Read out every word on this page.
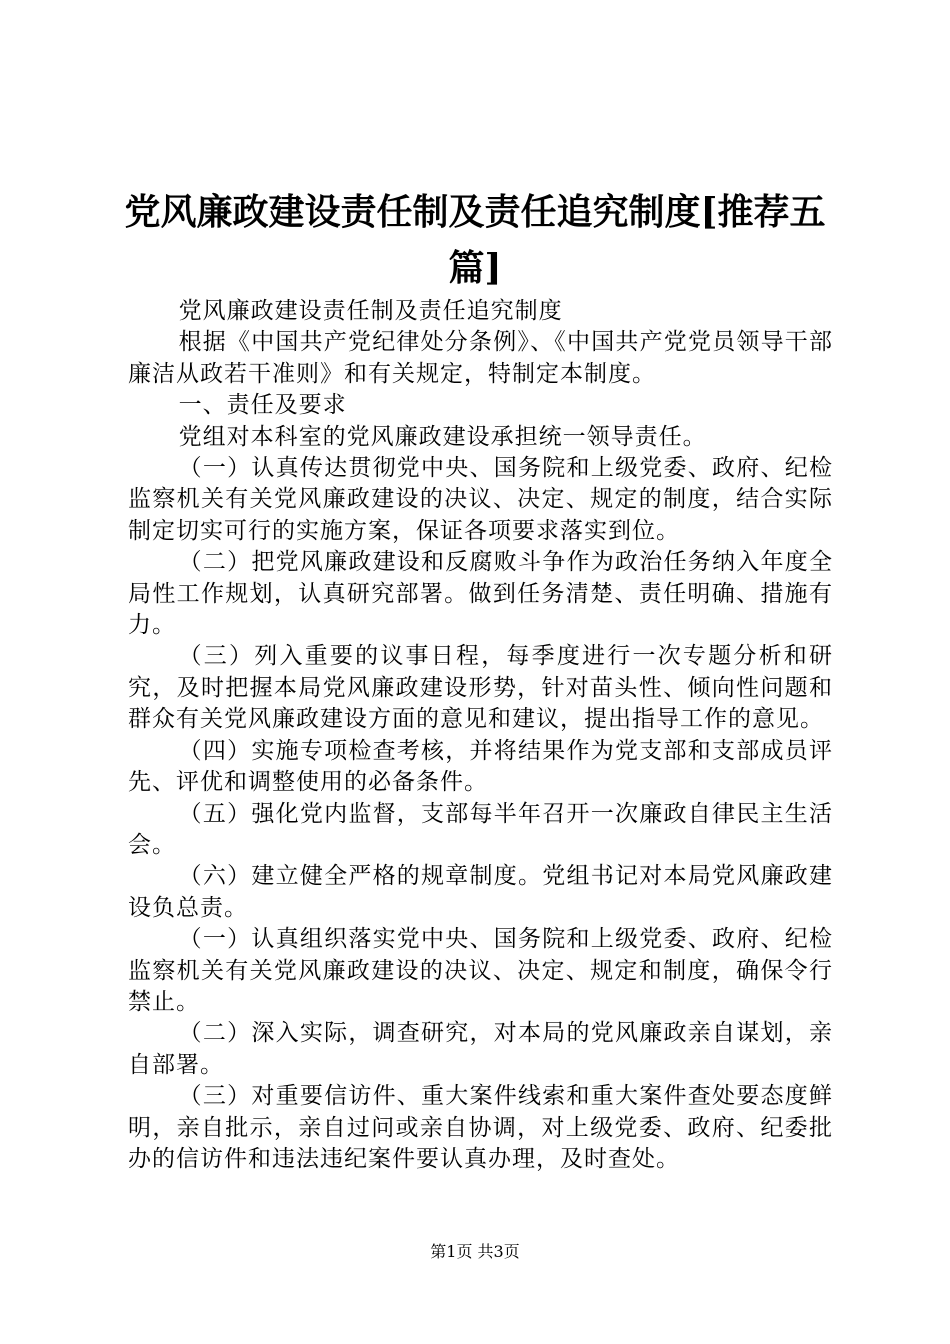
党风廉政建设责任制及责任追究制度[推荐五篇]

党风廉政建设责任制及责任追究制度

根据《中国共产党纪律处分条例》、《中国共产党党员领导干部廉洁从政若干准则》和有关规定，特制定本制度。

一、责任及要求

党组对本科室的党风廉政建设承担统一领导责任。

（一）认真传达贯彻党中央、国务院和上级党委、政府、纪检监察机关有关党风廉政建设的决议、决定、规定的制度，结合实际制定切实可行的实施方案，保证各项要求落实到位。

（二）把党风廉政建设和反腐败斗争作为政治任务纳入年度全局性工作规划，认真研究部署。做到任务清楚、责任明确、措施有力。

（三）列入重要的议事日程，每季度进行一次专题分析和研究，及时把握本局党风廉政建设形势，针对苗头性、倾向性问题和群众有关党风廉政建设方面的意见和建议，提出指导工作的意见。

（四）实施专项检查考核，并将结果作为党支部和支部成员评先、评优和调整使用的必备条件。

（五）强化党内监督，支部每半年召开一次廉政自律民主生活会。

（六）建立健全严格的规章制度。党组书记对本局党风廉政建设负总责。

（一）认真组织落实党中央、国务院和上级党委、政府、纪检监察机关有关党风廉政建设的决议、决定、规定和制度，确保令行禁止。

（二）深入实际，调查研究，对本局的党风廉政亲自谋划，亲自部署。

（三）对重要信访件、重大案件线索和重大案件查处要态度鲜明，亲自批示，亲自过问或亲自协调，对上级党委、政府、纪委批办的信访件和违法违纪案件要认真办理，及时查处。

第1页 共3页
